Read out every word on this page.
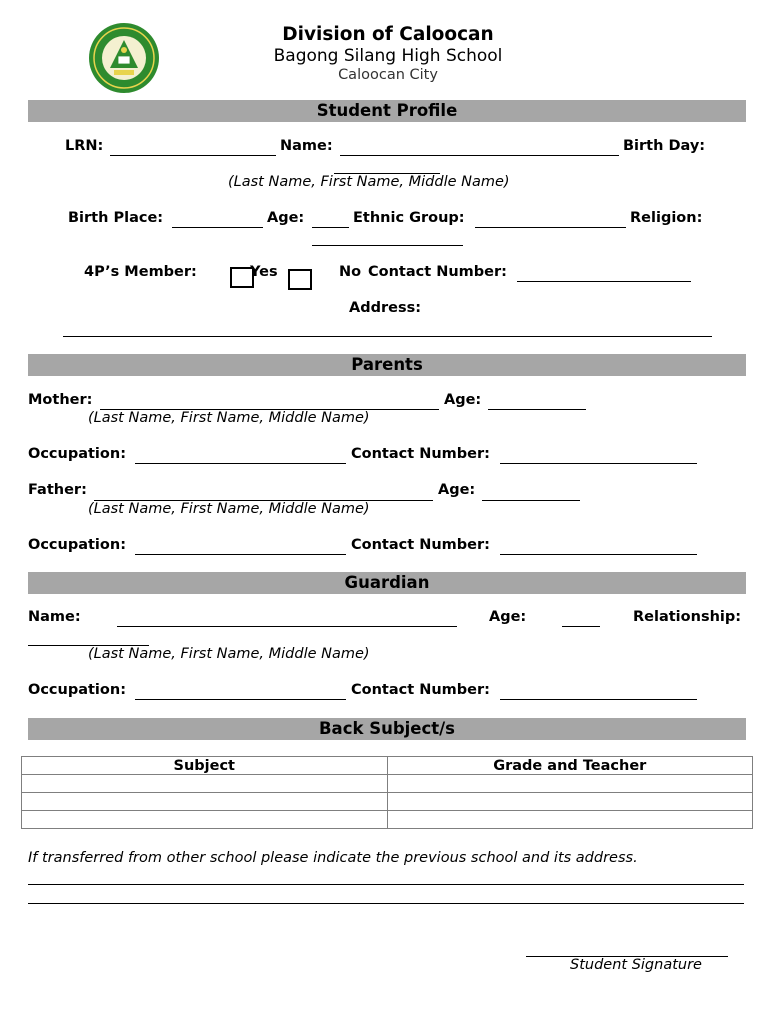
Division of Caloocan
Bagong Silang High School
Caloocan City
Student Profile
LRN:	Name:	Birth Day:
(Last Name, First Name, Middle Name)
Birth Place:	Age:	Ethnic Group:	Religion:
4P’s Member:	Yes	No Contact Number:
Address:
Parents
Mother:	Age:
(Last Name, First Name, Middle Name)
Occupation:	Contact Number:
Father:	Age:
(Last Name, First Name, Middle Name)
Occupation:	Contact Number:
Guardian
Name:	Age:	Relationship:
(Last Name, First Name, Middle Name)
Occupation:	Contact Number:
Back Subject/s
Subject	Grade and Teacher

If transferred from other school please indicate the previous school and its address.
Student Signature
